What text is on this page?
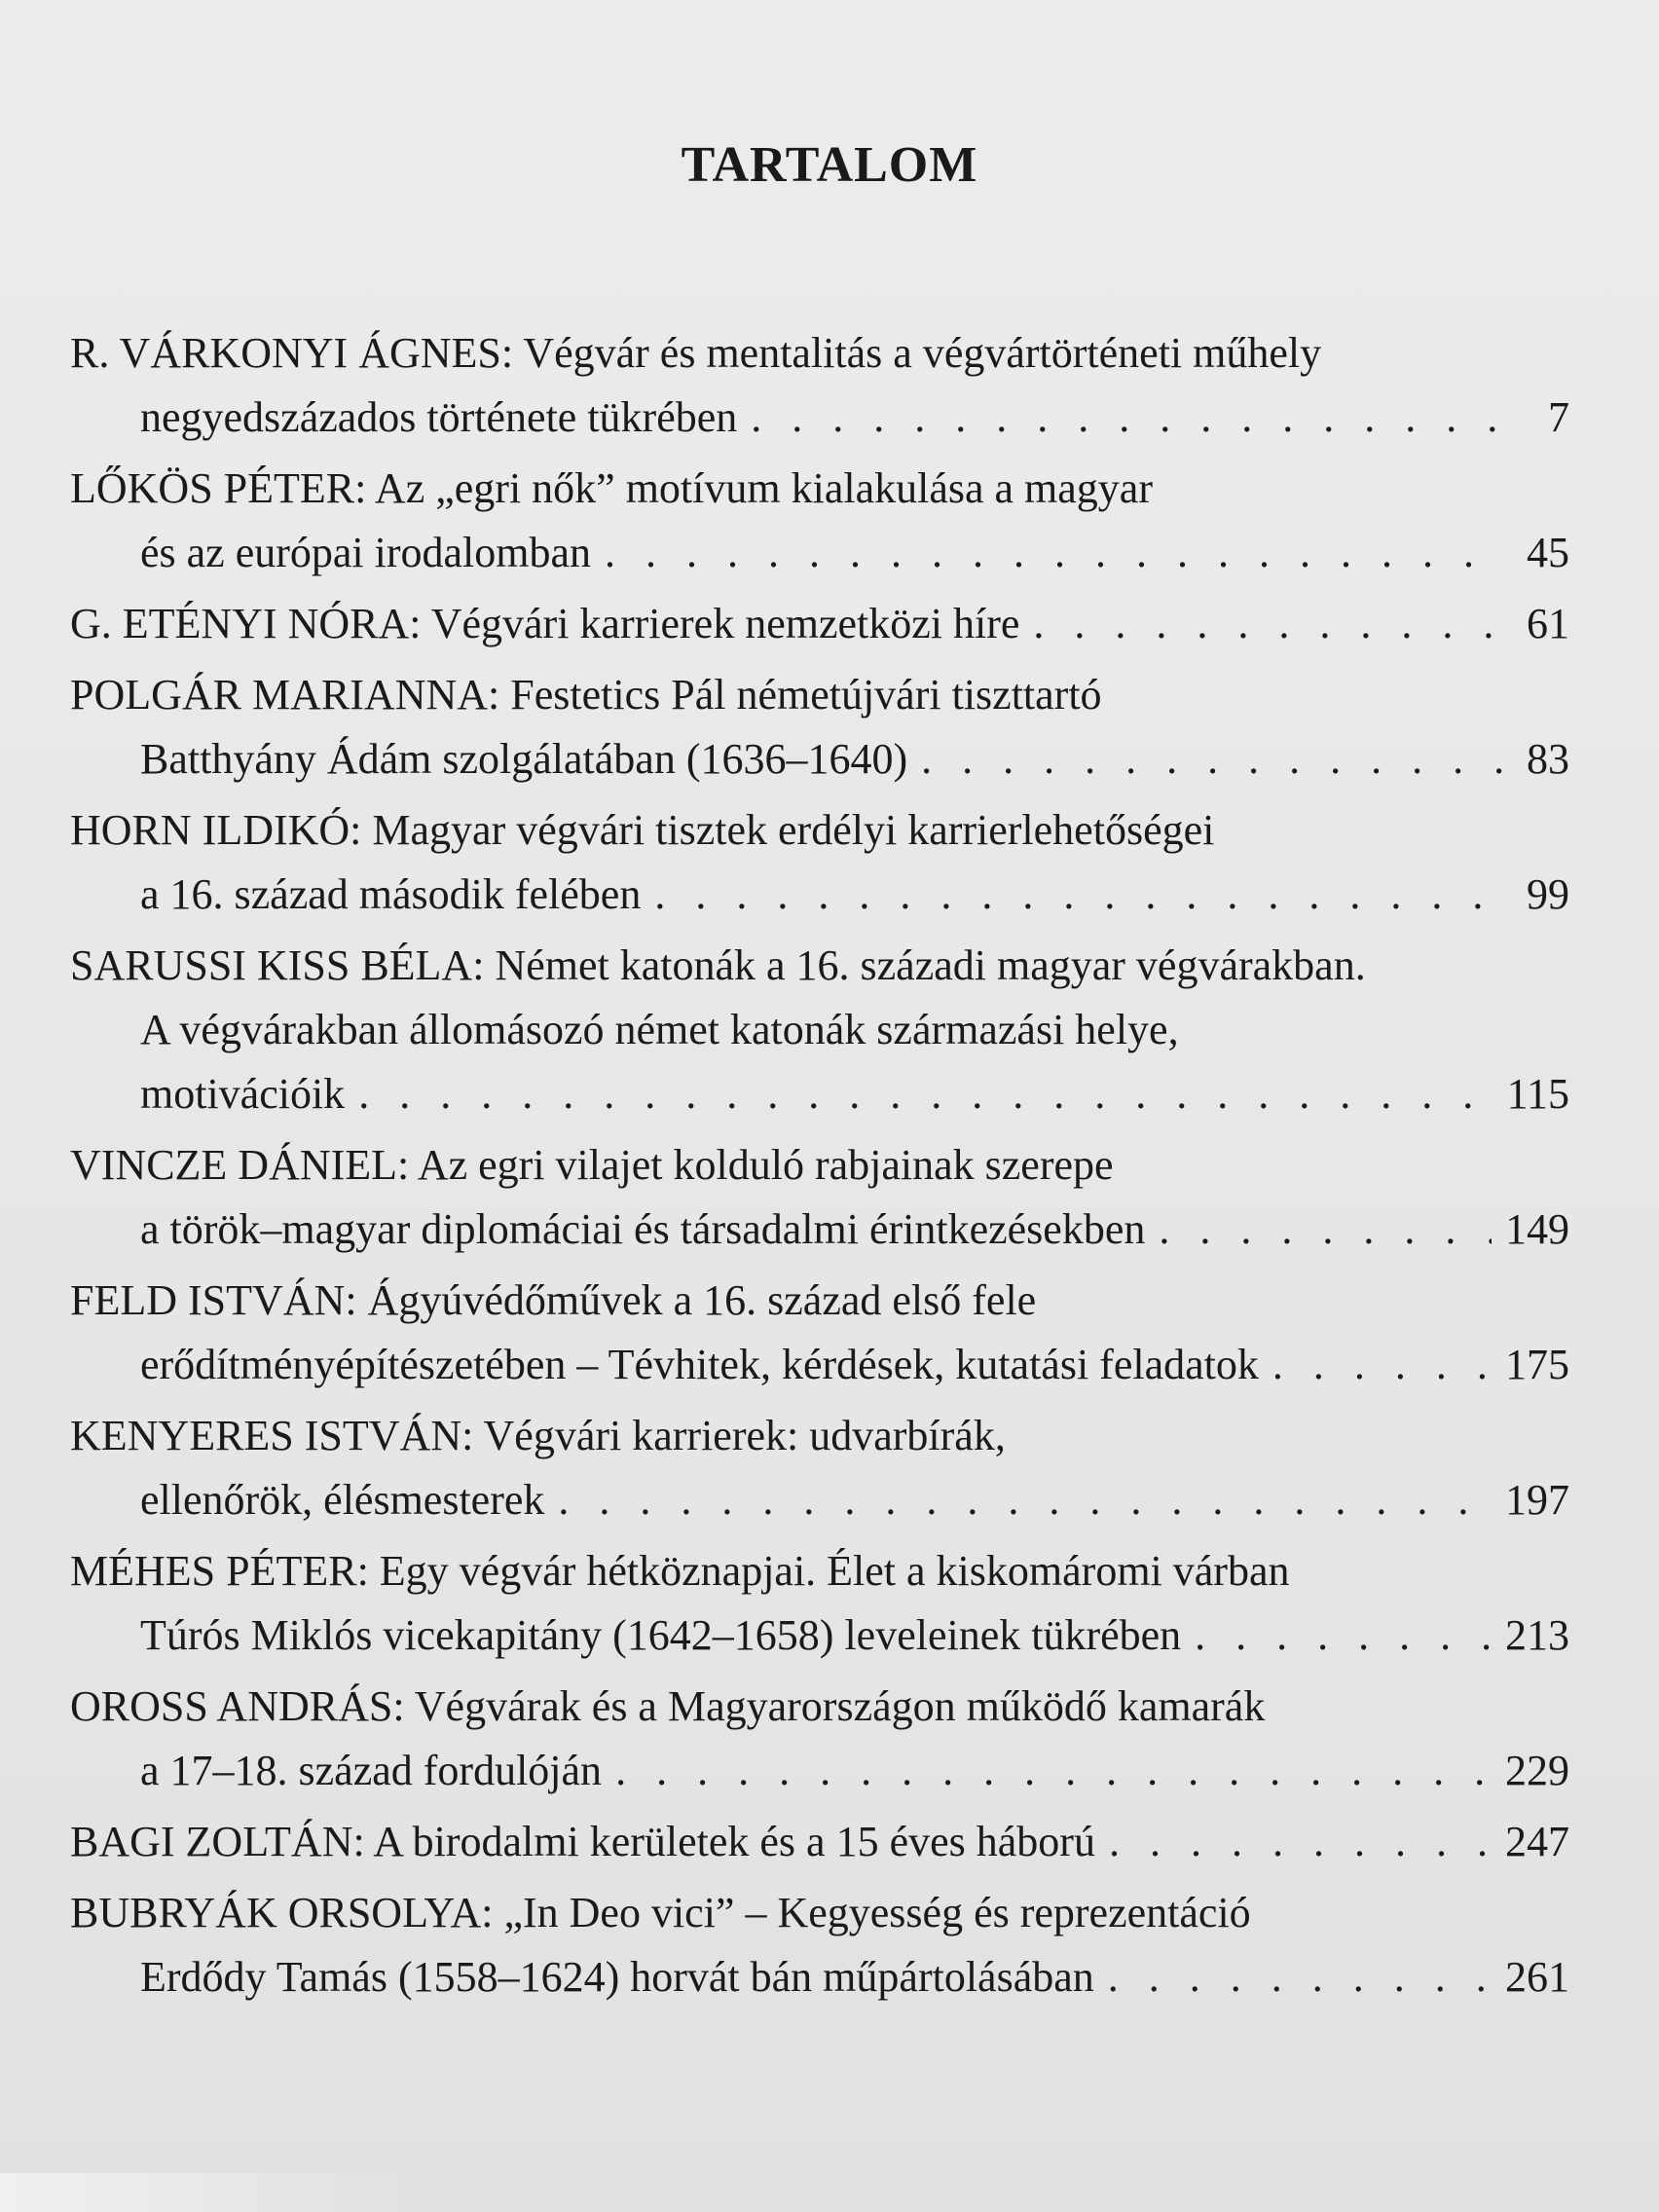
TARTALOM
R. VÁRKONYI ÁGNES: Végvár és mentalitás a végvártörténeti műhely
negyedszázados története tükrében . . .	7
LŐKÖS PÉTER: Az „egri nők” motívum kialakulása a magyar
és az európai irodalomban . . .	45
G. ETÉNYI NÓRA: Végvári karrierek nemzetközi híre . . .	61
POLGÁR MARIANNA: Festetics Pál németújvári tiszttartó
Batthyány Ádám szolgálatában (1636–1640) . . .	83
HORN ILDIKÓ: Magyar végvári tisztek erdélyi karrierlehetőségei
a 16. század második felében . . .	99
SARUSSI KISS BÉLA: Német katonák a 16. századi magyar végvárakban.
A végvárakban állomásozó német katonák származási helye,
motivációik . . .	115
VINCZE DÁNIEL: Az egri vilajet kolduló rabjainak szerepe
a török–magyar diplomáciai és társadalmi érintkezésekben . . .	149
FELD ISTVÁN: Ágyúvédőművek a 16. század első fele
erődítményépítészetében – Tévhitek, kérdések, kutatási feladatok . . .	175
KENYERES ISTVÁN: Végvári karrierek: udvarbírák,
ellenőrök, élésmesterek . . .	197
MÉHES PÉTER: Egy végvár hétköznapjai. Élet a kiskomáromi várban
Túrós Miklós vicekapitány (1642–1658) leveleinek tükrében . . .	213
OROSS ANDRÁS: Végvárak és a Magyarországon működő kamarák
a 17–18. század fordulóján . . .	229
BAGI ZOLTÁN: A birodalmi kerületek és a 15 éves háború . . .	247
BUBRYÁK ORSOLYA: „In Deo vici” – Kegyesség és reprezentáció
Erdődy Tamás (1558–1624) horvát bán műpártolásában . . .	261
